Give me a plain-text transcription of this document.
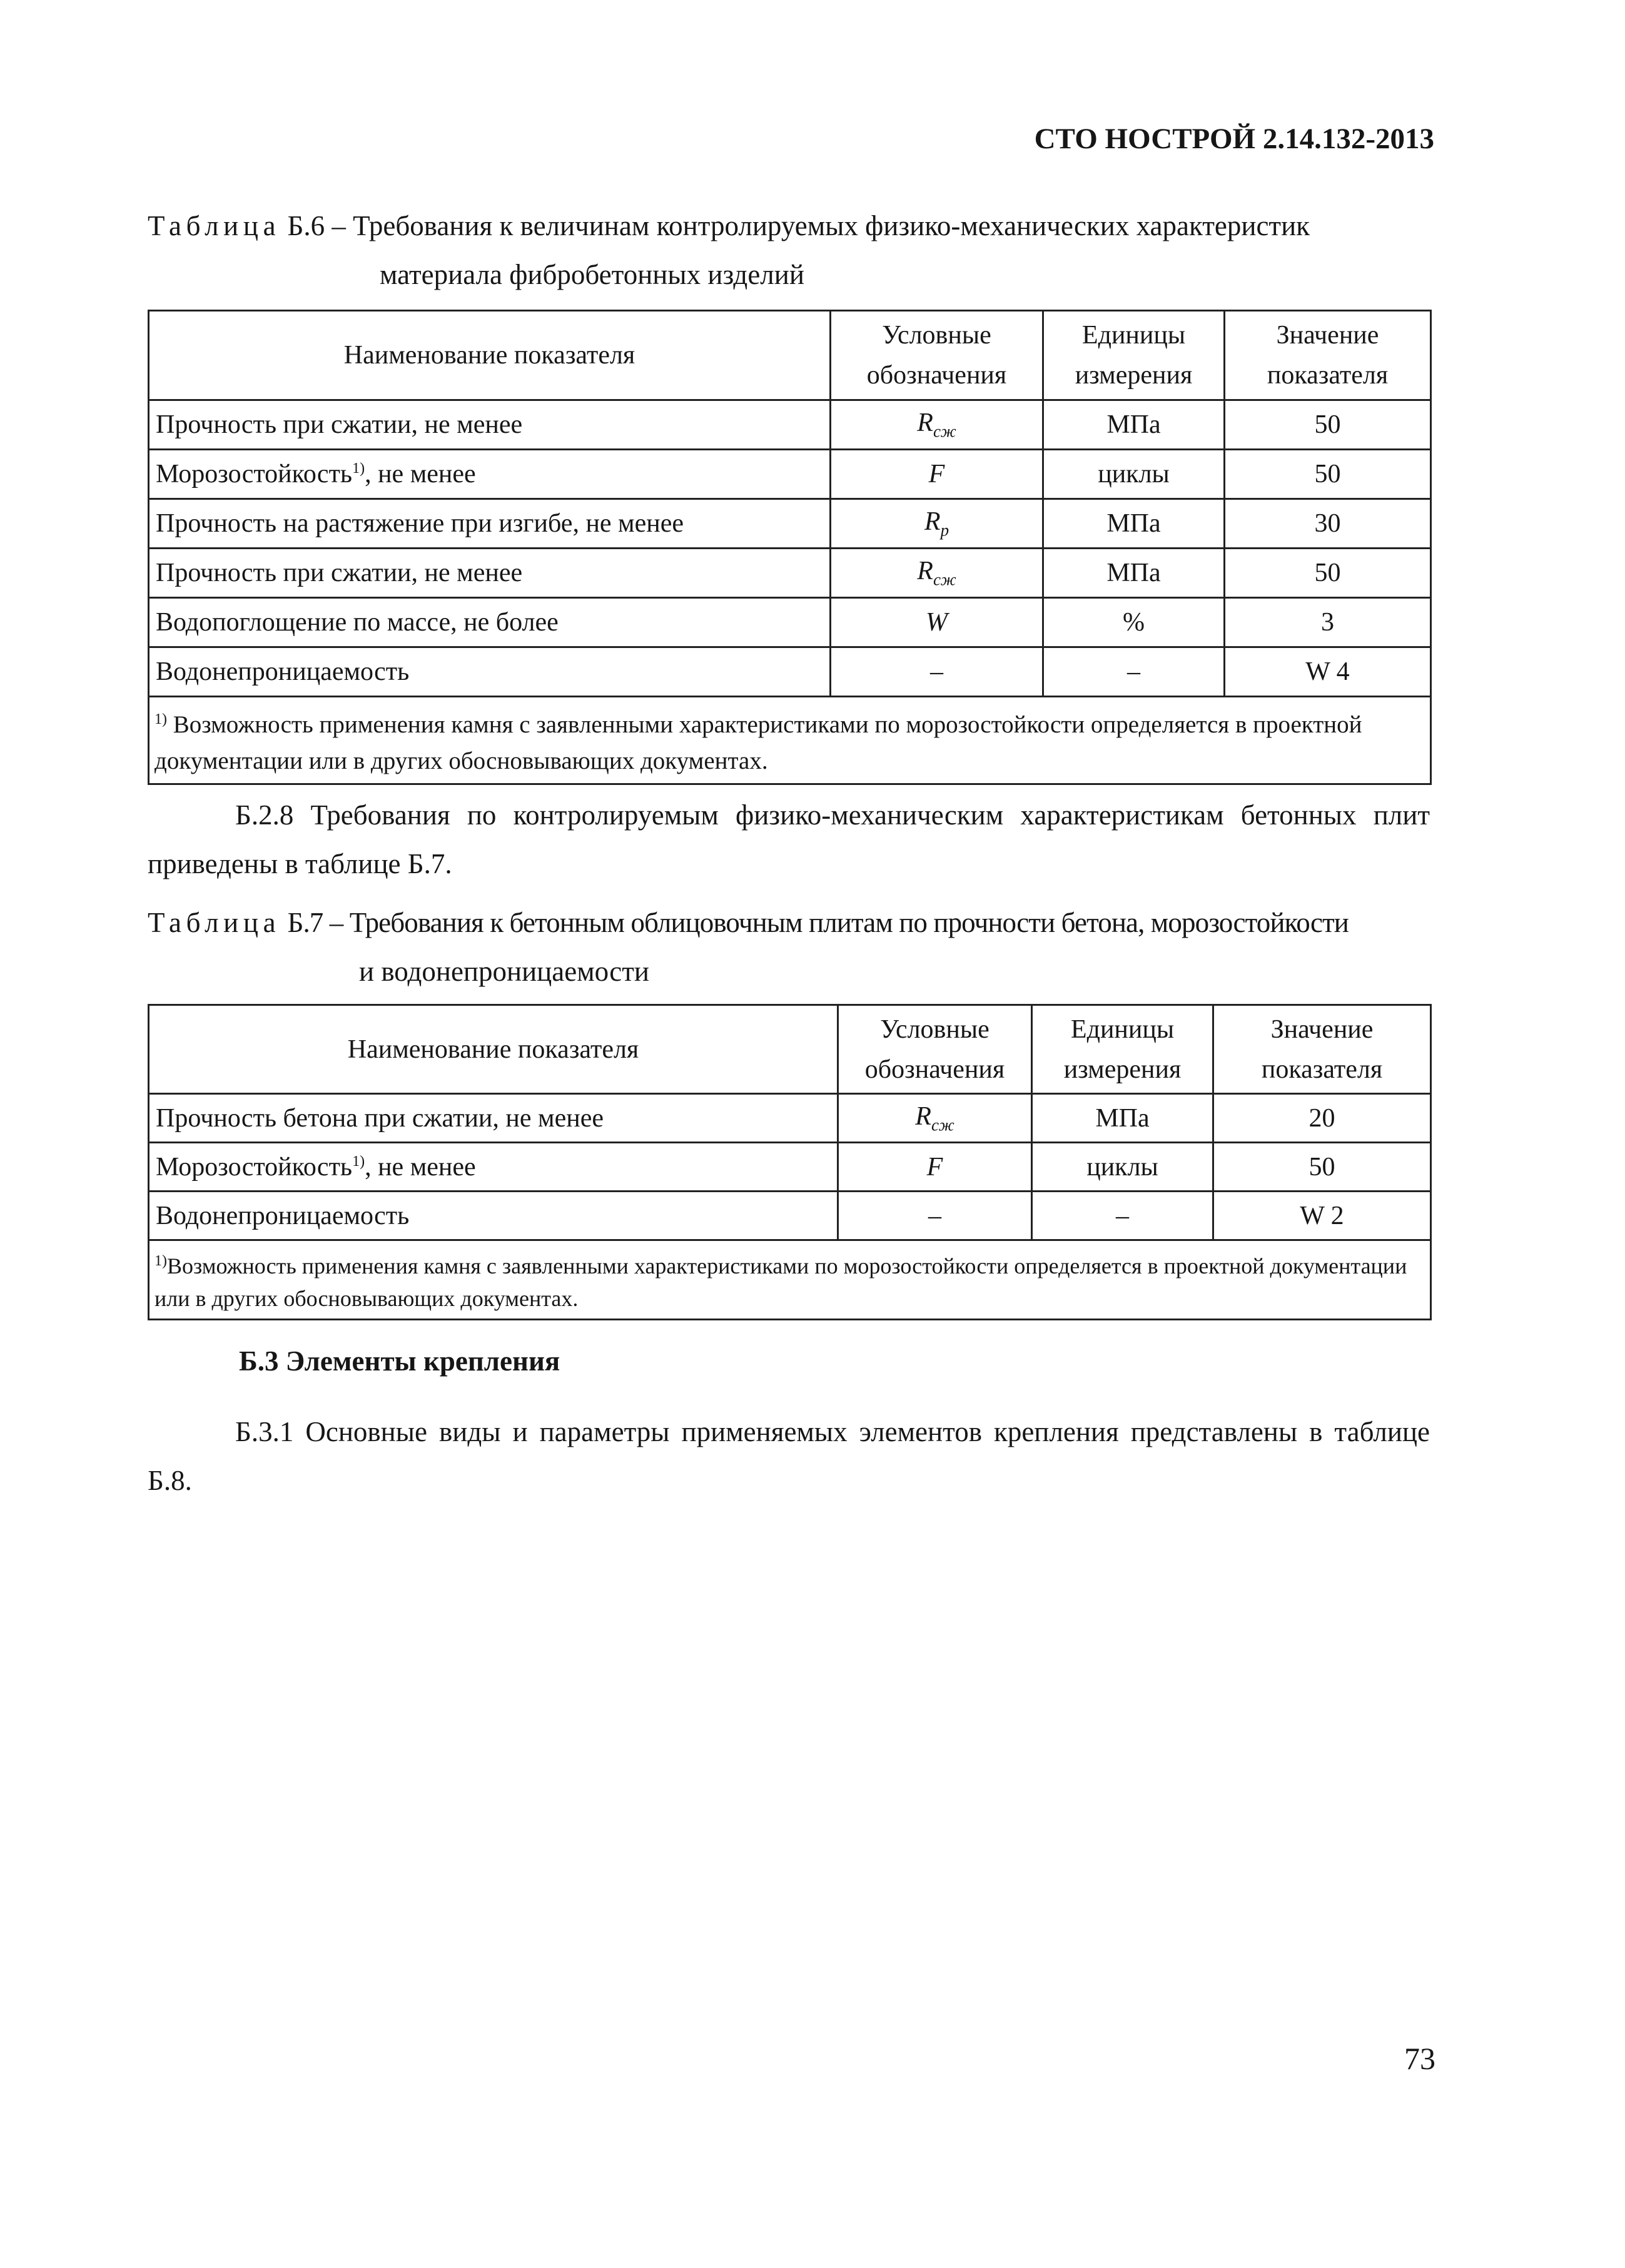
СТО НОСТРОЙ 2.14.132-2013
Таблица Б.6 – Требования к величинам контролируемых физико-механических характеристик
материала фибробетонных изделий
Наименование показателя	Условные обозначения	Единицы измерения	Значение показателя
Прочность при сжатии, не менее	$R_{сж}$	МПа	50
Морозостойкость$^{1)}$, не менее	F	циклы	50
Прочность на растяжение при изгибе, не менее	$R_р$	МПа	30
Прочность при сжатии, не менее	$R_{сж}$	МПа	50
Водопоглощение по массе, не более	W	%	3
Водонепроницаемость	–	–	W 4
$^{1)}$ Возможность применения камня с заявленными характеристиками по морозостойкости определяется в проектной документации или в других обосновывающих документах.			
Б.2.8 Требования по контролируемым физико-механическим характеристикам бетонных плит приведены в таблице Б.7.
Таблица Б.7 – Требования к бетонным облицовочным плитам по прочности бетона, морозостойкости
и водонепроницаемости
Наименование показателя	Условные обозначения	Единицы измерения	Значение показателя
Прочность бетона при сжатии, не менее	$R_{сж}$	МПа	20
Морозостойкость$^{1)}$, не менее	F	циклы	50
Водонепроницаемость	–	–	W 2
$^{1)}$Возможность применения камня с заявленными характеристиками по морозостойкости определяется в проектной документации или в других обосновывающих документах.			
Б.3 Элементы крепления
Б.3.1 Основные виды и параметры применяемых элементов крепления представлены в таблице Б.8.
73
